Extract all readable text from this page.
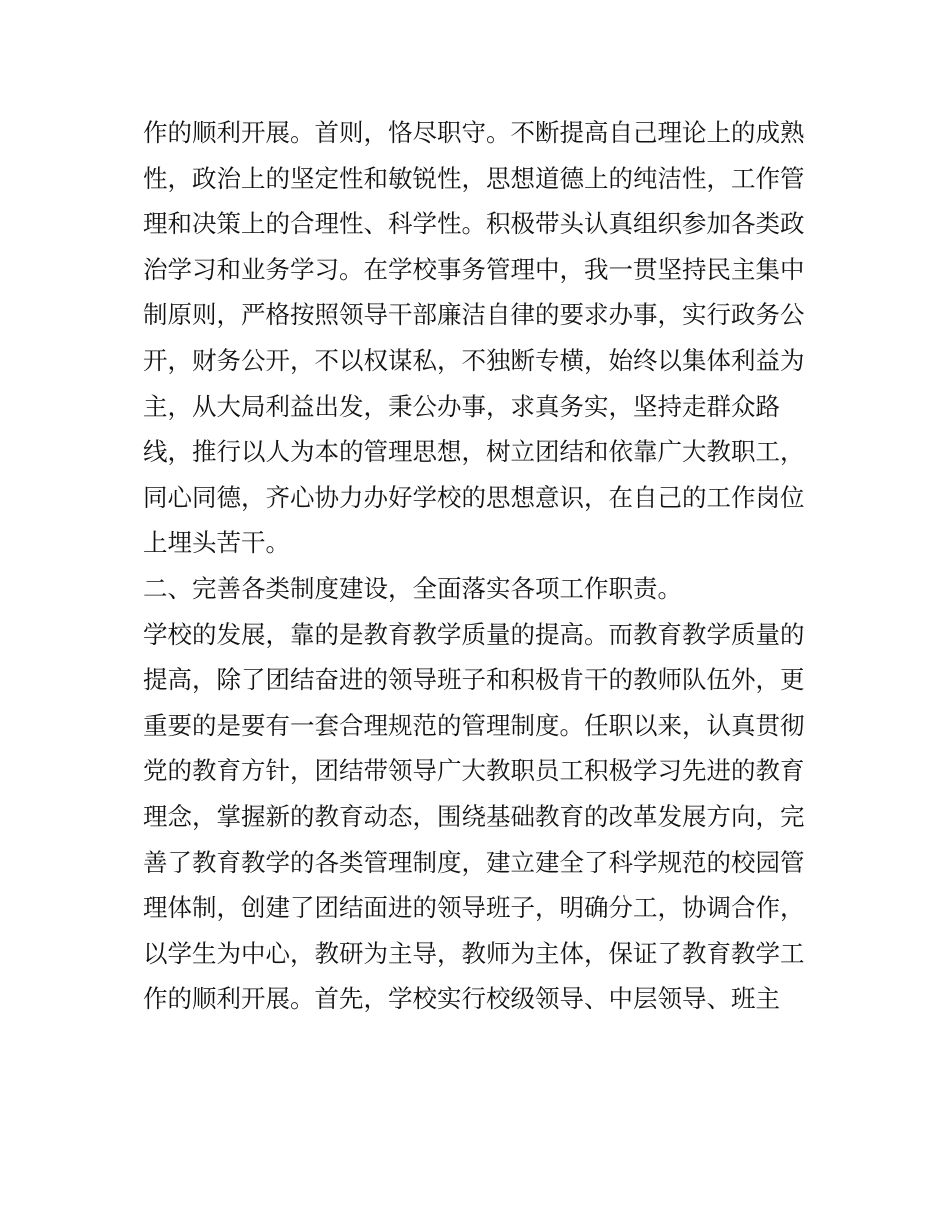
作的顺利开展。首则，恪尽职守。不断提高自己理论上的成熟
性，政治上的坚定性和敏锐性，思想道德上的纯洁性，工作管
理和决策上的合理性、科学性。积极带头认真组织参加各类政
治学习和业务学习。在学校事务管理中，我一贯坚持民主集中
制原则，严格按照领导干部廉洁自律的要求办事，实行政务公
开，财务公开，不以权谋私，不独断专横，始终以集体利益为
主，从大局利益出发，秉公办事，求真务实，坚持走群众路
线，推行以人为本的管理思想，树立团结和依靠广大教职工，
同心同德，齐心协力办好学校的思想意识，在自己的工作岗位
上埋头苦干。
二、完善各类制度建设，全面落实各项工作职责。
学校的发展，靠的是教育教学质量的提高。而教育教学质量的
提高，除了团结奋进的领导班子和积极肯干的教师队伍外，更
重要的是要有一套合理规范的管理制度。任职以来，认真贯彻
党的教育方针，团结带领导广大教职员工积极学习先进的教育
理念，掌握新的教育动态，围绕基础教育的改革发展方向，完
善了教育教学的各类管理制度，建立建全了科学规范的校园管
理体制，创建了团结面进的领导班子，明确分工，协调合作，
以学生为中心，教研为主导，教师为主体，保证了教育教学工
作的顺利开展。首先，学校实行校级领导、中层领导、班主
